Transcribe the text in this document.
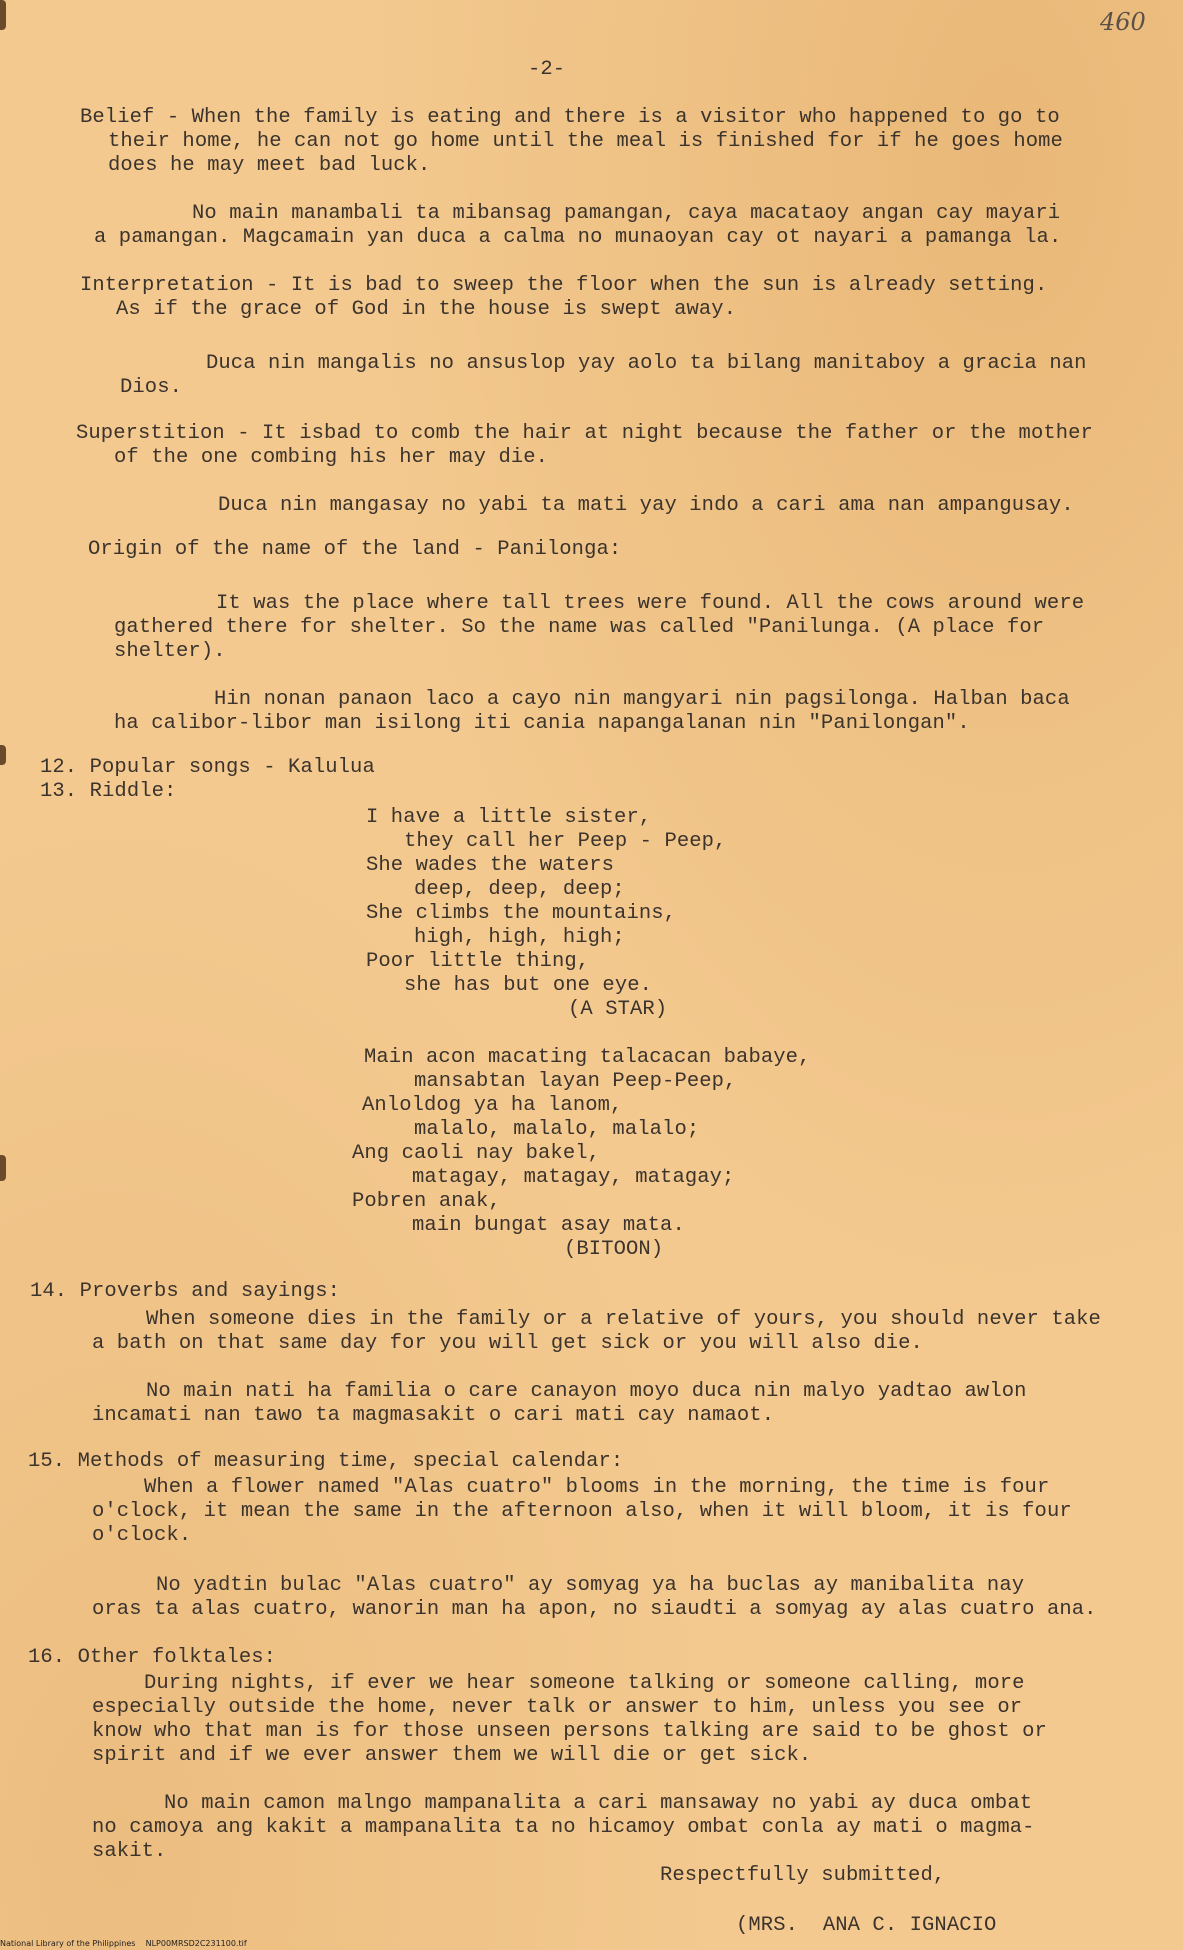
460
-2-
Belief - When the family is eating and there is a visitor who happened to go to
their home, he can not go home until the meal is finished for if he goes home
does he may meet bad luck.
No main manambali ta mibansag pamangan, caya macataoy angan cay mayari
a pamangan. Magcamain yan duca a calma no munaoyan cay ot nayari a pamanga la.
Interpretation - It is bad to sweep the floor when the sun is already setting.
As if the grace of God in the house is swept away.
Duca nin mangalis no ansuslop yay aolo ta bilang manitaboy a gracia nan
Dios.
Superstition - It isbad to comb the hair at night because the father or the mother
of the one combing his her may die.
Duca nin mangasay no yabi ta mati yay indo a cari ama nan ampangusay.
Origin of the name of the land - Panilonga:
It was the place where tall trees were found. All the cows around were
gathered there for shelter. So the name was called "Panilunga. (A place for
shelter).
Hin nonan panaon laco a cayo nin mangyari nin pagsilonga. Halban baca
ha calibor-libor man isilong iti cania napangalanan nin "Panilongan".
12. Popular songs - Kalulua
13. Riddle:
I have a little sister,
they call her Peep - Peep,
She wades the waters
deep, deep, deep;
She climbs the mountains,
high, high, high;
Poor little thing,
she has but one eye.
(A STAR)
Main acon macating talacacan babaye,
mansabtan layan Peep-Peep,
Anloldog ya ha lanom,
malalo, malalo, malalo;
Ang caoli nay bakel,
matagay, matagay, matagay;
Pobren anak,
main bungat asay mata.
(BITOON)
14. Proverbs and sayings:
When someone dies in the family or a relative of yours, you should never take
a bath on that same day for you will get sick or you will also die.
No main nati ha familia o care canayon moyo duca nin malyo yadtao awlon
incamati nan tawo ta magmasakit o cari mati cay namaot.
15. Methods of measuring time, special calendar:
When a flower named "Alas cuatro" blooms in the morning, the time is four
o'clock, it mean the same in the afternoon also, when it will bloom, it is four
o'clock.
No yadtin bulac "Alas cuatro" ay somyag ya ha buclas ay manibalita nay
oras ta alas cuatro, wanorin man ha apon, no siaudti a somyag ay alas cuatro ana.
16. Other folktales:
During nights, if ever we hear someone talking or someone calling, more
especially outside the home, never talk or answer to him, unless you see or
know who that man is for those unseen persons talking are said to be ghost or
spirit and if we ever answer them we will die or get sick.
No main camon malngo mampanalita a cari mansaway no yabi ay duca ombat
no camoya ang kakit a mampanalita ta no hicamoy ombat conla ay mati o magma-
sakit.
Respectfully submitted,
(MRS.  ANA C. IGNACIO
National Library of the Philippines    NLP00MRSD2C231100.tif
